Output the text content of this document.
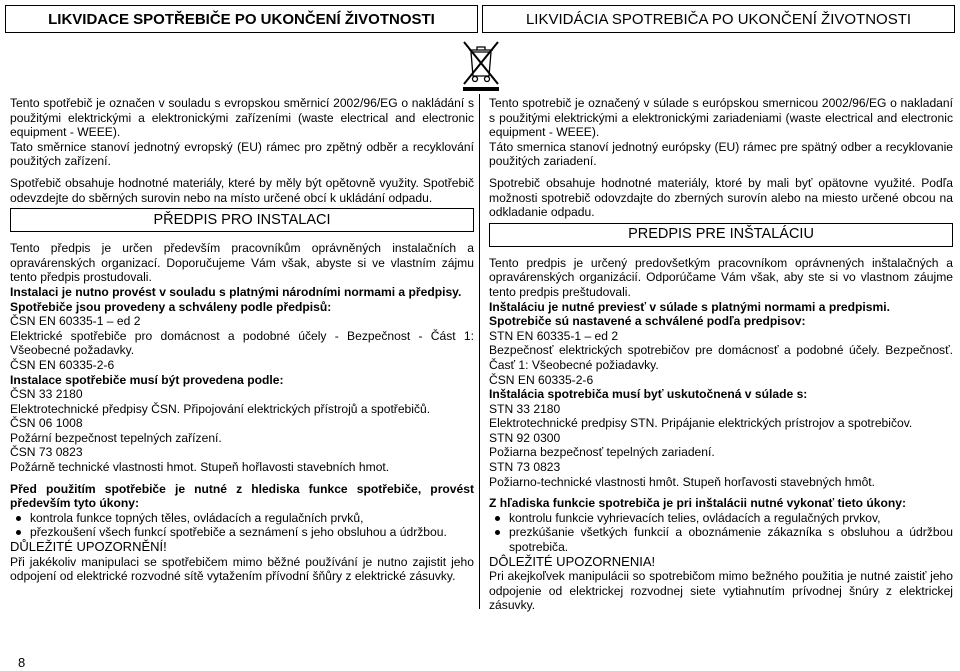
LIKVIDACE SPOTŘEBIČE PO UKONČENÍ ŽIVOTNOSTI	LIKVIDÁCIA SPOTREBIČA PO UKONČENÍ ŽIVOTNOSTI

Tento spotřebič je označen v souladu s evropskou směrnicí 2002/96/EG o nakládání s použitými elektrickými a elektronickými zařízeními (waste electrical and electronic equipment - WEEE).

Tato směrnice stanoví jednotný evropský (EU) rámec pro zpětný odběr a recyklování použitých zařízení.

Spotřebič obsahuje hodnotné materiály, které by měly být opětovně využity. Spotřebič odevzdejte do sběrných surovin nebo na místo určené obcí k ukládání odpadu.

PŘEDPIS PRO INSTALACI

Tento předpis je určen především pracovníkům oprávněných instalačních a opravárenských organizací. Doporučujeme Vám však, abyste si ve vlastním zájmu tento předpis prostudovali.

Instalaci je nutno provést v souladu s platnými národními normami a předpisy.

Spotřebiče jsou provedeny a schváleny podle předpisů:

ČSN EN 60335-1 – ed 2

Elektrické spotřebiče pro domácnost a podobné účely - Bezpečnost - Část 1: Všeobecné požadavky.

ČSN EN 60335-2-6

Instalace spotřebiče musí být provedena podle:

ČSN 33 2180

Elektrotechnické předpisy ČSN. Připojování elektrických přístrojů a spotřebičů.

ČSN 06 1008

Požární bezpečnost tepelných zařízení.

ČSN 73 0823

Požárně technické vlastnosti hmot. Stupeň hořlavosti stavebních hmot.

Před použitím spotřebiče je nutné z hlediska funkce spotřebiče, provést především tyto úkony:

kontrola funkce topných těles, ovládacích a regulačních prvků,
přezkoušení všech funkcí spotřebiče a seznámení s jeho obsluhou a údržbou.

DŮLEŽITÉ UPOZORNĚNÍ!

Při jakékoliv manipulaci se spotřebičem mimo běžné používání je nutno zajistit jeho odpojení od elektrické rozvodné sítě vytažením přívodní šňůry z elektrické zásuvky.

Tento spotrebič je označený v súlade s európskou smernicou 2002/96/EG o nakladaní s použitými elektrickými a elektronickými zariadeniami (waste electrical and electronic equipment - WEEE).

Táto smernica stanoví jednotný európsky (EU) rámec pre spätný odber a recyklovanie použitých zariadení.

Spotrebič obsahuje hodnotné materiály, ktoré by mali byť opätovne využité. Podľa možnosti spotrebič odovzdajte do zberných surovín alebo na miesto určené obcou na odkladanie odpadu.

PREDPIS PRE INŠTALÁCIU

Tento predpis je určený predovšetkým pracovníkom oprávnených inštalačných a opravárenských organizácií. Odporúčame Vám však, aby ste si vo vlastnom záujme tento predpis preštudovali.

Inštaláciu je nutné previesť v súlade s platnými normami a predpismi.

Spotrebiče sú nastavené a schválené podľa predpisov:

STN EN 60335-1 – ed 2

Bezpečnosť elektrických spotrebičov pre domácnosť a podobné účely. Bezpečnosť. Časť 1: Všeobecné požiadavky.

ČSN EN 60335-2-6

Inštalácia spotrebiča musí byť uskutočnená v súlade s:

STN 33 2180

Elektrotechnické predpisy STN. Pripájanie elektrických prístrojov a spotrebičov.

STN 92 0300

Požiarna bezpečnosť tepelných zariadení.

STN 73 0823

Požiarno-technické vlastnosti hmôt. Stupeň horľavosti stavebných hmôt.

Z hľadiska funkcie spotrebiča je pri inštalácii nutné vykonať tieto úkony:

kontrolu funkcie vyhrievacích telies, ovládacích a regulačných prvkov,
prezkúšanie všetkých funkcií a oboznámenie zákazníka s obsluhou a údržbou spotrebiča.

DÔLEŽITÉ UPOZORNENIA!

Pri akejkoľvek manipulácii so spotrebičom mimo bežného použitia je nutné zaistiť jeho odpojenie od elektrickej rozvodnej siete vytiahnutím prívodnej šnúry z elektrickej zásuvky.

8
